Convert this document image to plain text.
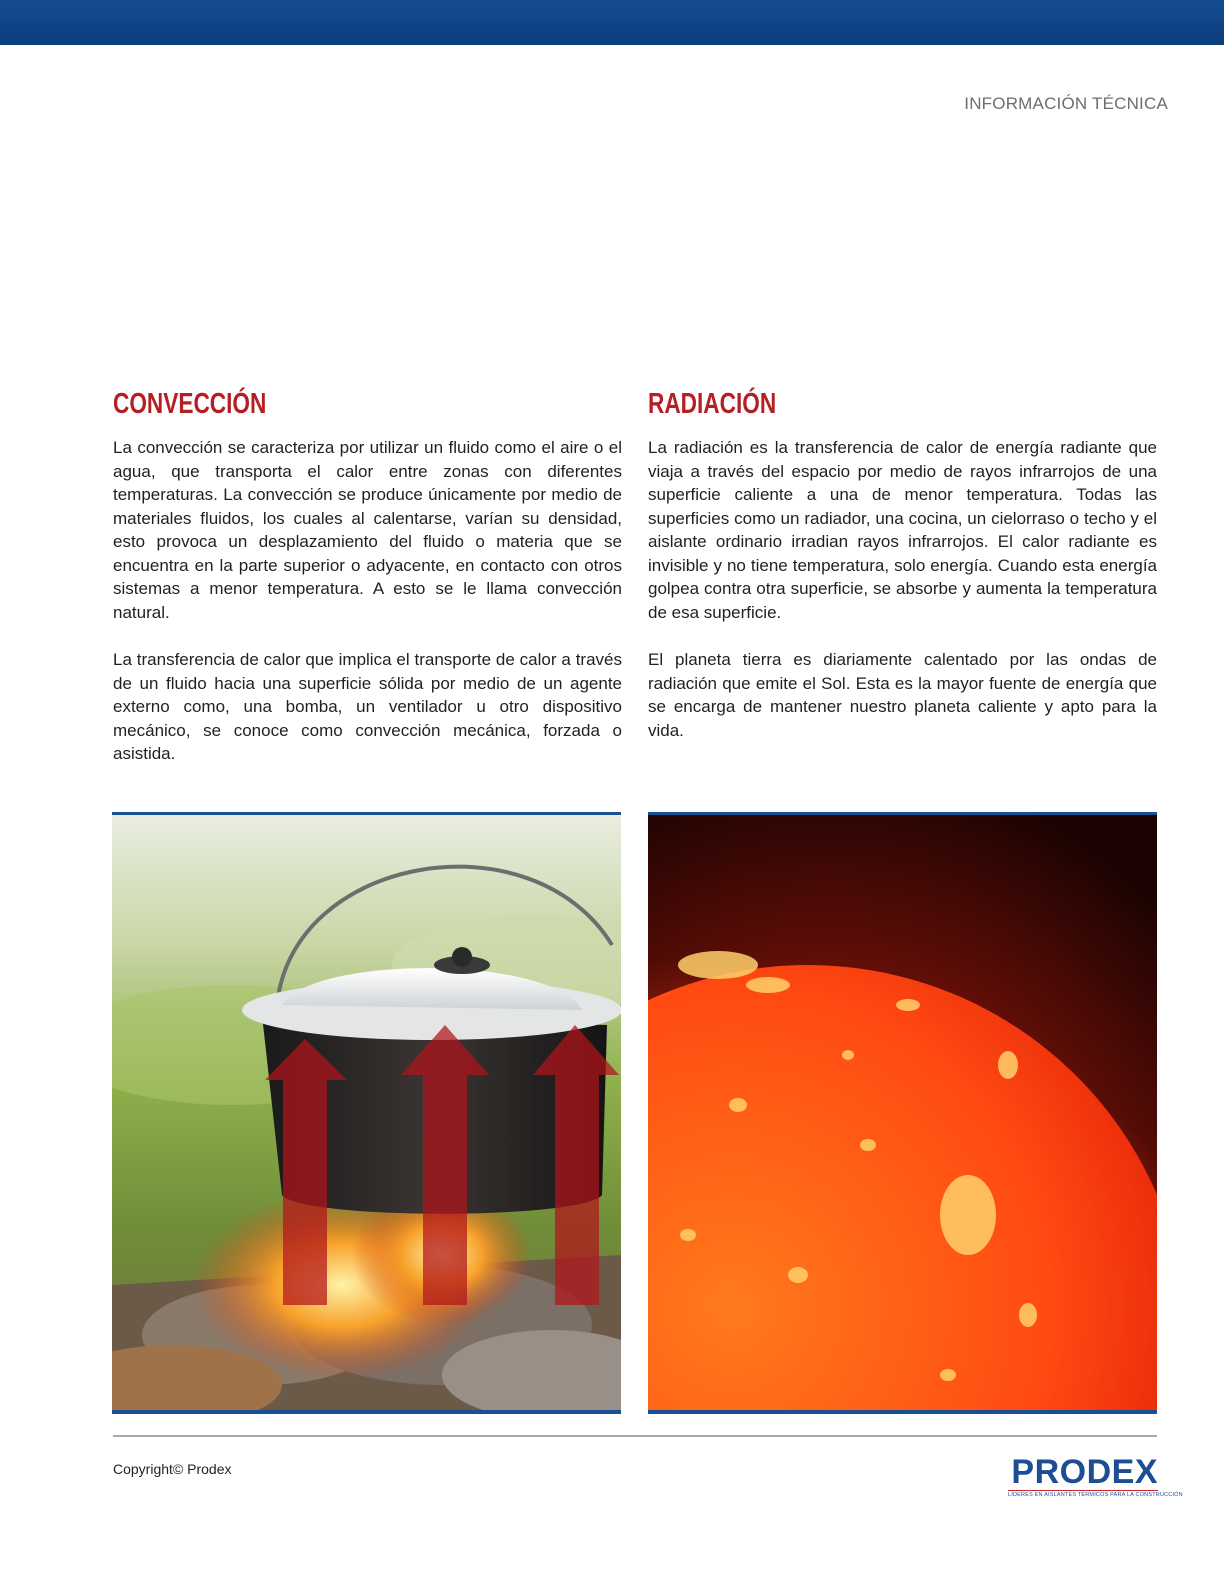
INFORMACIÓN TÉCNICA
CONVECCIÓN

La convección se caracteriza por utilizar un fluido como el aire o el agua, que transporta el calor entre zonas con diferentes temperaturas. La convección se produce únicamente por medio de materiales fluidos, los cuales al calentarse, varían su densidad, esto provoca un desplazamiento del fluido o materia que se encuentra en la parte superior o adyacente, en contacto con otros sistemas a menor temperatura. A esto se le llama convección natural.

La transferencia de calor que implica el transporte de calor a través de un fluido hacia una superficie sólida por medio de un agente externo como, una bomba, un ventilador u otro dispositivo mecánico, se conoce como convección mecánica, forzada o asistida.

RADIACIÓN

La radiación es la transferencia de calor de energía radiante que viaja a través del espacio por medio de rayos infrarrojos de una superficie caliente a una de menor temperatura. Todas las superficies como un radiador, una cocina, un cielorraso o techo y el aislante ordinario irradian rayos infrarrojos. El calor radiante es invisible y no tiene temperatura, solo energía. Cuando esta energía golpea contra otra superficie, se absorbe y aumenta la temperatura de esa superficie.

El planeta tierra es diariamente calentado por las ondas de radiación que emite el Sol. Esta es la mayor fuente de energía que se encarga de mantener nuestro planeta caliente y apto para la vida.

Copyright© Prodex	PRODEX
LÍDERES EN AISLANTES TÉRMICOS PARA LA CONSTRUCCIÓN
